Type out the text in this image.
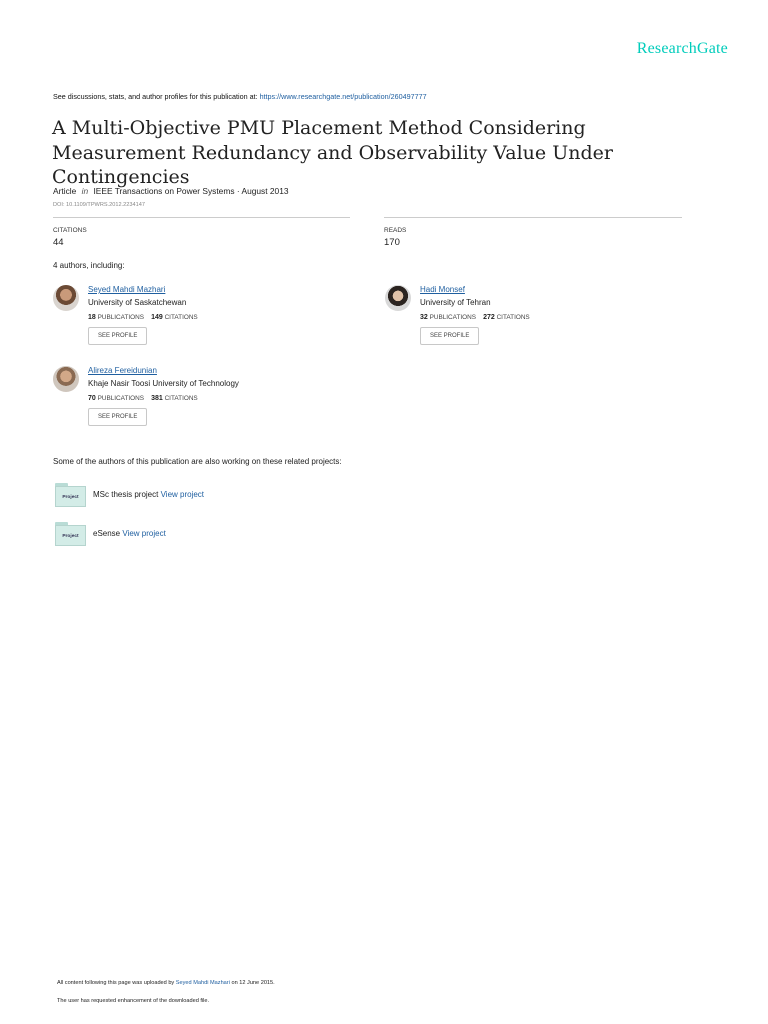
ResearchGate
See discussions, stats, and author profiles for this publication at: https://www.researchgate.net/publication/260497777
A Multi-Objective PMU Placement Method Considering Measurement Redundancy and Observability Value Under Contingencies
Article in IEEE Transactions on Power Systems · August 2013
DOI: 10.1109/TPWRS.2012.2234147
CITATIONS
44
READS
170
4 authors, including:
Seyed Mahdi Mazhari
University of Saskatchewan
18 PUBLICATIONS 149 CITATIONS
SEE PROFILE
Hadi Monsef
University of Tehran
32 PUBLICATIONS 272 CITATIONS
SEE PROFILE
Alireza Fereidunian
Khaje Nasir Toosi University of Technology
70 PUBLICATIONS 381 CITATIONS
SEE PROFILE
Some of the authors of this publication are also working on these related projects:
Project	MSc thesis project View project
Project	eSense View project
All content following this page was uploaded by Seyed Mahdi Mazhari on 12 June 2015.
The user has requested enhancement of the downloaded file.
